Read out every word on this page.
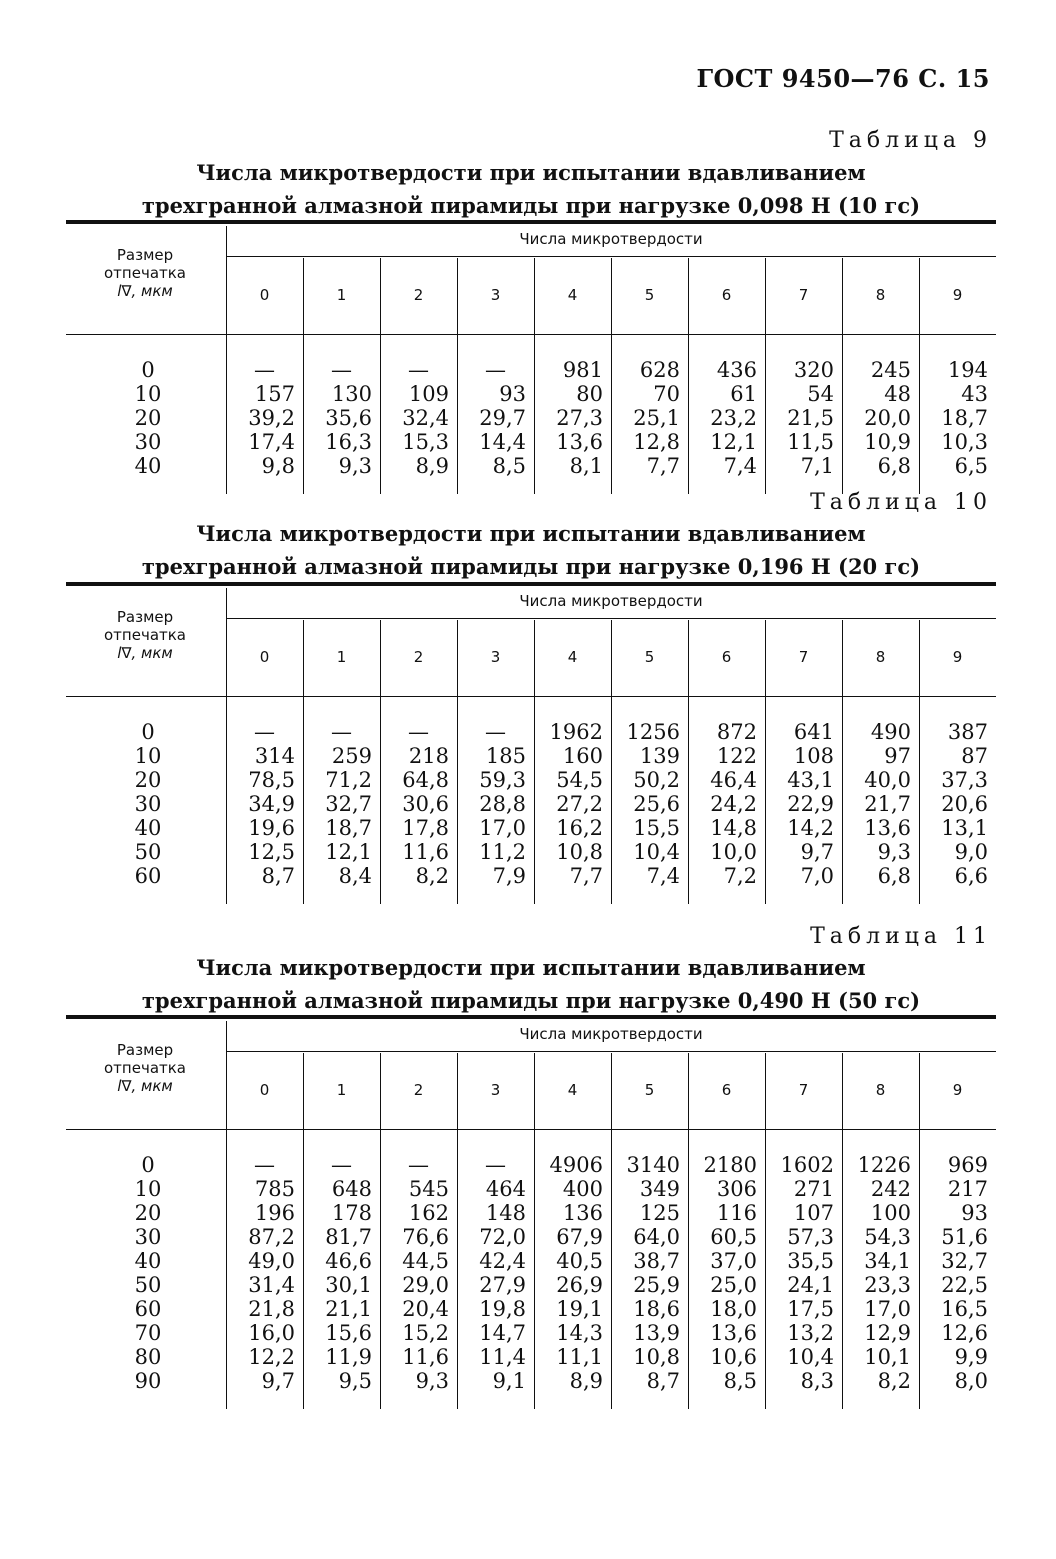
ГОСТ 9450—76 С. 15
Таблица 9
Числа микротвердости при испытании вдавливанием
трехгранной алмазной пирамиды при нагрузке 0,098 Н (10 гс)
Размер
отпечатка
l∇, мкм
Числа микротвердости
0	1	2	3	4	5	6	7	8	9
0	—	—	—	—	981	628	436	320	245	194
10	157	130	109	93	80	70	61	54	48	43
20	39,2	35,6	32,4	29,7	27,3	25,1	23,2	21,5	20,0	18,7
30	17,4	16,3	15,3	14,4	13,6	12,8	12,1	11,5	10,9	10,3
40	9,8	9,3	8,9	8,5	8,1	7,7	7,4	7,1	6,8	6,5
Таблица 10
Числа микротвердости при испытании вдавливанием
трехгранной алмазной пирамиды при нагрузке 0,196 Н (20 гс)
Размер
отпечатка
l∇, мкм
Числа микротвердости
0	1	2	3	4	5	6	7	8	9
0	—	—	—	—	1962	1256	872	641	490	387
10	314	259	218	185	160	139	122	108	97	87
20	78,5	71,2	64,8	59,3	54,5	50,2	46,4	43,1	40,0	37,3
30	34,9	32,7	30,6	28,8	27,2	25,6	24,2	22,9	21,7	20,6
40	19,6	18,7	17,8	17,0	16,2	15,5	14,8	14,2	13,6	13,1
50	12,5	12,1	11,6	11,2	10,8	10,4	10,0	9,7	9,3	9,0
60	8,7	8,4	8,2	7,9	7,7	7,4	7,2	7,0	6,8	6,6
Таблица 11
Числа микротвердости при испытании вдавливанием
трехгранной алмазной пирамиды при нагрузке 0,490 Н (50 гс)
Размер
отпечатка
l∇, мкм
Числа микротвердости
0	1	2	3	4	5	6	7	8	9
0	—	—	—	—	4906	3140	2180	1602	1226	969
10	785	648	545	464	400	349	306	271	242	217
20	196	178	162	148	136	125	116	107	100	93
30	87,2	81,7	76,6	72,0	67,9	64,0	60,5	57,3	54,3	51,6
40	49,0	46,6	44,5	42,4	40,5	38,7	37,0	35,5	34,1	32,7
50	31,4	30,1	29,0	27,9	26,9	25,9	25,0	24,1	23,3	22,5
60	21,8	21,1	20,4	19,8	19,1	18,6	18,0	17,5	17,0	16,5
70	16,0	15,6	15,2	14,7	14,3	13,9	13,6	13,2	12,9	12,6
80	12,2	11,9	11,6	11,4	11,1	10,8	10,6	10,4	10,1	9,9
90	9,7	9,5	9,3	9,1	8,9	8,7	8,5	8,3	8,2	8,0
